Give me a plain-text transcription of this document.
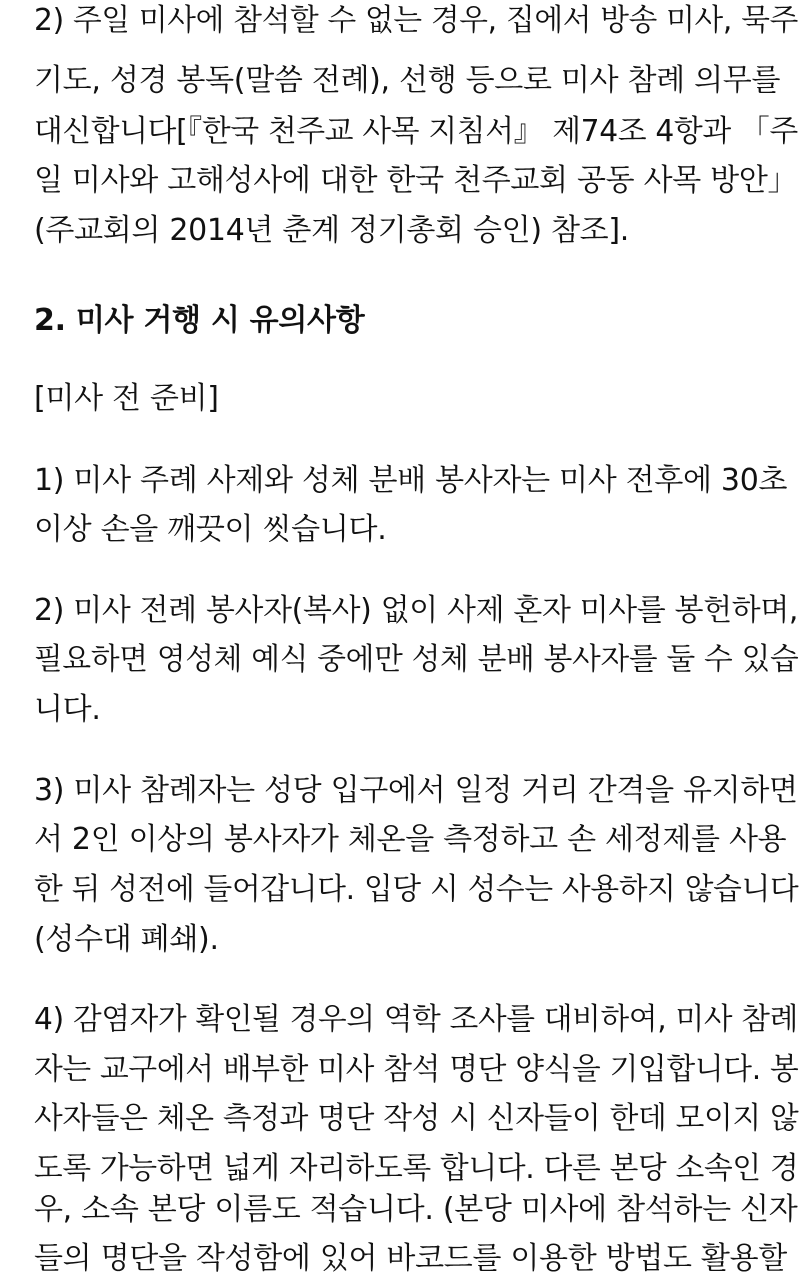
2) 주일 미사에 참석할 수 없는 경우, 집에서 방송 미사, 묵주
기도, 성경 봉독(말씀 전례), 선행 등으로 미사 참례 의무를
대신합니다[『한국 천주교 사목 지침서』 제74조 4항과 「주
일 미사와 고해성사에 대한 한국 천주교회 공동 사목 방안」
(주교회의 2014년 춘계 정기총회 승인) 참조].
2. 미사 거행 시 유의사항
[미사 전 준비]
1) 미사 주례 사제와 성체 분배 봉사자는 미사 전후에 30초
이상 손을 깨끗이 씻습니다.
2) 미사 전례 봉사자(복사) 없이 사제 혼자 미사를 봉헌하며,
필요하면 영성체 예식 중에만 성체 분배 봉사자를 둘 수 있습
니다.
3) 미사 참례자는 성당 입구에서 일정 거리 간격을 유지하면
서 2인 이상의 봉사자가 체온을 측정하고 손 세정제를 사용
한 뒤 성전에 들어갑니다. 입당 시 성수는 사용하지 않습니다
(성수대 폐쇄).
4) 감염자가 확인될 경우의 역학 조사를 대비하여, 미사 참례
자는 교구에서 배부한 미사 참석 명단 양식을 기입합니다. 봉
사자들은 체온 측정과 명단 작성 시 신자들이 한데 모이지 않
도록 가능하면 넓게 자리하도록 합니다. 다른 본당 소속인 경
우, 소속 본당 이름도 적습니다. (본당 미사에 참석하는 신자
들의 명단을 작성함에 있어 바코드를 이용한 방법도 활용할
